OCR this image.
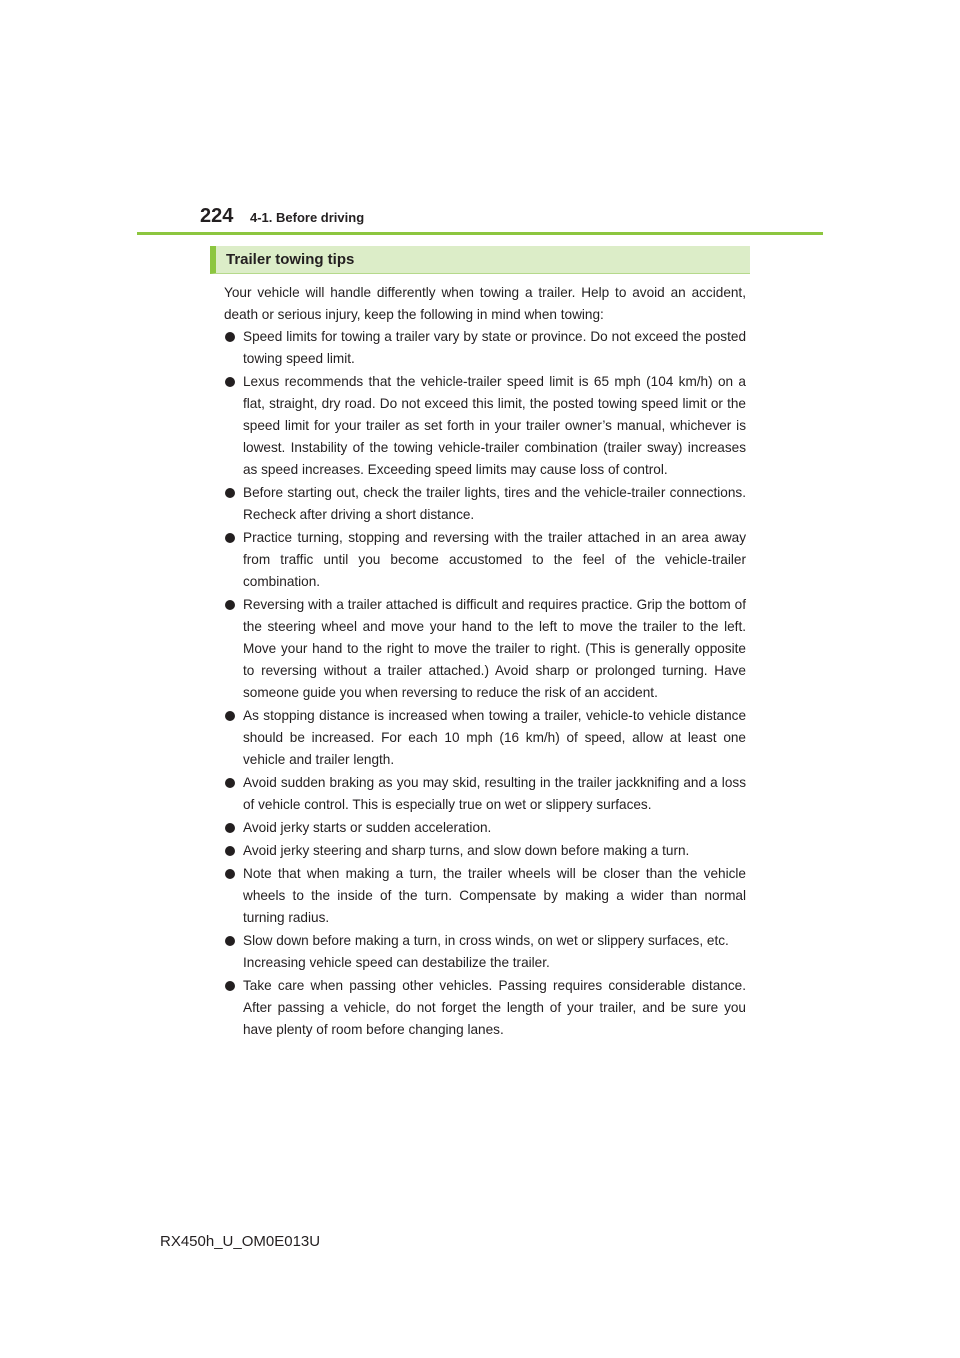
224 4-1. Before driving
Trailer towing tips

Your vehicle will handle differently when towing a trailer. Help to avoid an accident, death or serious injury, keep the following in mind when towing:

Speed limits for towing a trailer vary by state or province. Do not exceed the posted towing speed limit.
Lexus recommends that the vehicle-trailer speed limit is 65 mph (104 km/h) on a flat, straight, dry road. Do not exceed this limit, the posted towing speed limit or the speed limit for your trailer as set forth in your trailer owner’s manual, whichever is lowest. Instability of the towing vehicle-trailer combination (trailer sway) increases as speed increases. Exceeding speed limits may cause loss of control.
Before starting out, check the trailer lights, tires and the vehicle-trailer connections. Recheck after driving a short distance.
Practice turning, stopping and reversing with the trailer attached in an area away from traffic until you become accustomed to the feel of the vehicle-trailer combination.
Reversing with a trailer attached is difficult and requires practice. Grip the bottom of the steering wheel and move your hand to the left to move the trailer to the left. Move your hand to the right to move the trailer to right. (This is generally opposite to reversing without a trailer attached.) Avoid sharp or prolonged turning. Have someone guide you when reversing to reduce the risk of an accident.
As stopping distance is increased when towing a trailer, vehicle-to vehicle distance should be increased. For each 10 mph (16 km/h) of speed, allow at least one vehicle and trailer length.
Avoid sudden braking as you may skid, resulting in the trailer jackknifing and a loss of vehicle control. This is especially true on wet or slippery surfaces.
Avoid jerky starts or sudden acceleration.
Avoid jerky steering and sharp turns, and slow down before making a turn.
Note that when making a turn, the trailer wheels will be closer than the vehicle wheels to the inside of the turn. Compensate by making a wider than normal turning radius.
Slow down before making a turn, in cross winds, on wet or slippery surfaces, etc.
Increasing vehicle speed can destabilize the trailer.
Take care when passing other vehicles. Passing requires considerable distance. After passing a vehicle, do not forget the length of your trailer, and be sure you have plenty of room before changing lanes.
RX450h_U_OM0E013U
